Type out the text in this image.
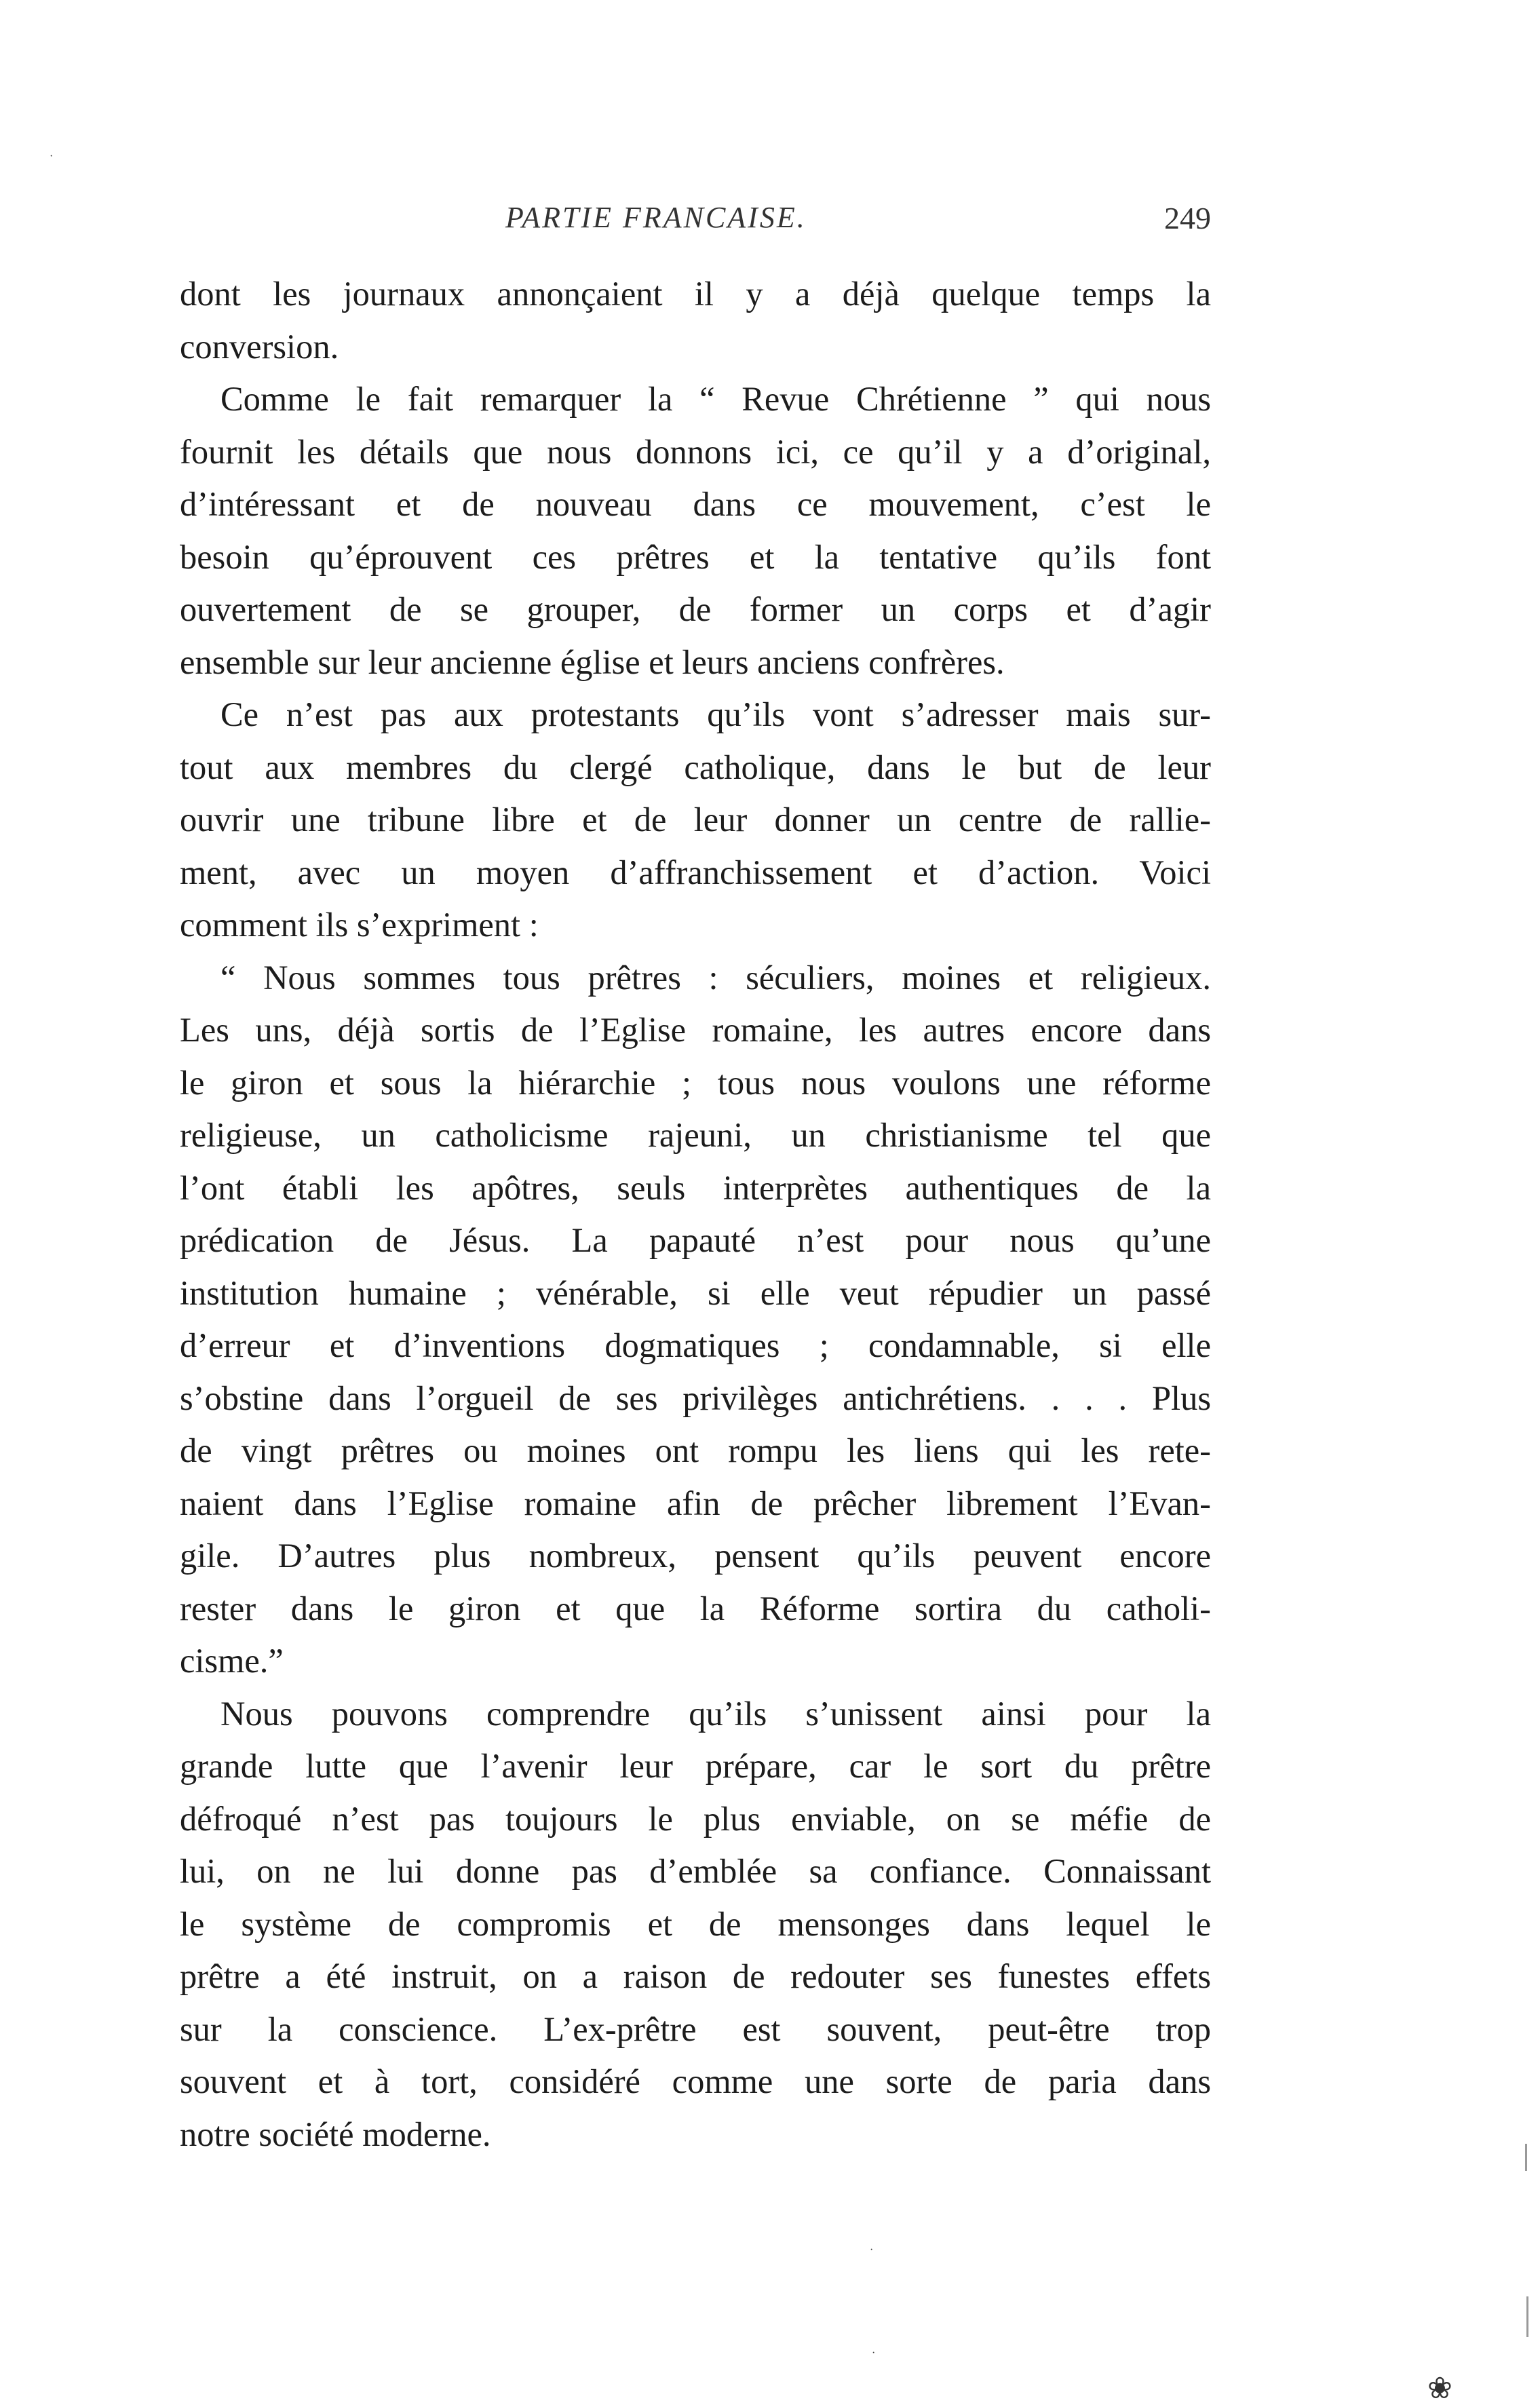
PARTIE FRANCAISE.	249
dont les journaux annonçaient il y a déjà quelque temps la
conversion.
Comme le fait remarquer la “ Revue Chrétienne ” qui nous
fournit les détails que nous donnons ici, ce qu’il y a d’original,
d’intéressant et de nouveau dans ce mouvement, c’est le
besoin qu’éprouvent ces prêtres et la tentative qu’ils font
ouvertement de se grouper, de former un corps et d’agir
ensemble sur leur ancienne église et leurs anciens confrères.
Ce n’est pas aux protestants qu’ils vont s’adresser mais sur-
tout aux membres du clergé catholique, dans le but de leur
ouvrir une tribune libre et de leur donner un centre de rallie-
ment, avec un moyen d’affranchissement et d’action. Voici
comment ils s’expriment :
“ Nous sommes tous prêtres : séculiers, moines et religieux.
Les uns, déjà sortis de l’Eglise romaine, les autres encore dans
le giron et sous la hiérarchie ; tous nous voulons une réforme
religieuse, un catholicisme rajeuni, un christianisme tel que
l’ont établi les apôtres, seuls interprètes authentiques de la
prédication de Jésus. La papauté n’est pour nous qu’une
institution humaine ; vénérable, si elle veut répudier un passé
d’erreur et d’inventions dogmatiques ; condamnable, si elle
s’obstine dans l’orgueil de ses privilèges antichrétiens. . . . Plus
de vingt prêtres ou moines ont rompu les liens qui les rete-
naient dans l’Eglise romaine afin de prêcher librement l’Evan-
gile. D’autres plus nombreux, pensent qu’ils peuvent encore
rester dans le giron et que la Réforme sortira du catholi-
cisme.”
Nous pouvons comprendre qu’ils s’unissent ainsi pour la
grande lutte que l’avenir leur prépare, car le sort du prêtre
défroqué n’est pas toujours le plus enviable, on se méfie de
lui, on ne lui donne pas d’emblée sa confiance. Connaissant
le système de compromis et de mensonges dans lequel le
prêtre a été instruit, on a raison de redouter ses funestes effets
sur la conscience. L’ex-prêtre est souvent, peut-être trop
souvent et à tort, considéré comme une sorte de paria dans
notre société moderne.
·
·
·
❀
